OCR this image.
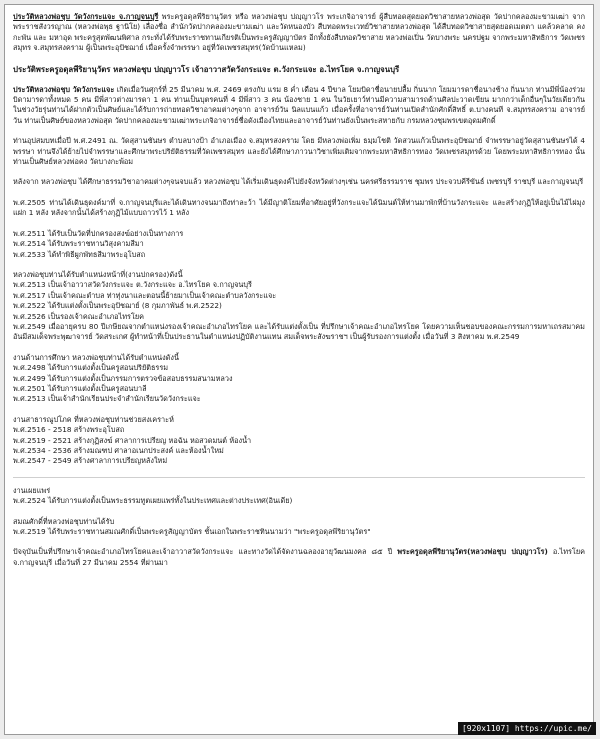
ประวัติหลวงพ่อชุบ วัดวังกระแจะ จ.กาญจนบุรี พระครูอดุลพีริยานุวัตร หรือ หลวงพ่อชุบ ปญฺญาวโร พระเกจิอาจารย์ ผู้สืบทอดสุดยอดวิชาสายหลวงพ่อสุด วัดปากคลองมะขามเฒ่า จากพระราชสังวรญาณ (หลวงพ่อพุธ ฐานิโย) เลื่องชื่อ สำนักวัดปากคลองมะขามเฒ่า และวัดหนองบัว สืบทอดพระเวทย์วิชาสายหลวงพ่อสุด ได้สืบทอดวิชาสายสุดยอดเมตตา แคล้วคลาด คงกะพัน และ มหาอุด พระครูสุตพัฒนพิศาล กระทั่งได้รับพระราชทานเกียรติเป็นพระครูสัญญาบัตร อีกทั้งยังสืบทอดวิชาสาย หลวงพ่อเปิ่น วัดบางพระ นครปฐม จากพระมหาสิทธิการ วัดเพชรสมุทร จ.สมุทรสงคราม ผู้เป็นพระอุปัชฌาย์ เมื่อครั้งจำพรรษา อยู่ที่วัดเพชรสมุทร(วัดบ้านแหลม)

ประวัติพระครูอดุลพีริยานุวัตร หลวงพ่อชุบ ปญฺญาวโร เจ้าอาวาสวัดวังกระแจะ ต.วังกระแจะ อ.ไทรโยค จ.กาญจนบุรี

ประวัติหลวงพ่อชุบ วัดวังกระแจะ เกิดเมื่อวันศุกร์ที่ 25 มีนาคม พ.ศ. 2469 ตรงกับ แรม 8 ค่ำ เดือน 4 ปีขาล โยมบิดาชื่อนายปลื้ม กิ่นนาก โยมมารดาชื่อนางช้าง กิ่นนาก ท่านมีพี่น้องร่วมบิดามารดาทั้งหมด 5 คน มีพี่สาวต่างมารดา 1 คน ท่านเป็นบุตรคนที่ 4 มีพี่สาว 3 คน น้องชาย 1 คน ในวัยเยาว์ท่านมีความสามารถด้านศิลปะวาดเขียน มากกว่าเด็กอื่นๆในวัยเดียวกัน ในช่วงวัยรุ่นท่านได้ฝากตัวเป็นศิษย์และได้รับการถ่ายทอดวิชาอาคมต่างๆจาก อาจารย์วัน นิลแบนแก้ว เมื่อครั้งที่อาจารย์วันท่านเปิดสำนักศักดิ์สิทธิ์ ต.บางคนที จ.สมุทรสงคราม อาจารย์วัน ท่านเป็นศิษย์ของหลวงพ่อสุด วัดปากคลองมะขามเฒ่าพระเกจิอาจารย์ชื่อดังเมืองไทยและอาจารย์วันท่านยังเป็นพระสหายกับ กรมหลวงชุมพรเขตอุดมศักดิ์

ท่านอุปสมบทเมื่อปี พ.ศ.2491 ณ. วัดสุสานชันษร ตำบลบางป้า อำเภอเมือง จ.สมุทรสงคราม โดย มีหลวงพ่อเพิ่ม ธมฺมโชติ วัดสวนแก้วเป็นพระอุปัชฌาย์ จำพรรษาอยู่วัดสุสานชันษรได้ 4 พรรษา ท่านจึงได้ย้ายไปจำพรรษาและศึกษาพระปริยัติธรรมที่วัดเพชรสมุทร และยังได้ศึกษาภาวนาวิชาเพิ่มเติมจากพระมหาสิทธิการทอง วัดเพชรสมุทรด้วย โดยพระมหาสิทธิการทอง นั้นท่านเป็นศิษย์หลวงพ่อคง วัดบางกะพ้อม

หลังจาก หลวงพ่อชุบ ได้ศึกษาธรรมวิชาอาคมต่างๆจนจบแล้ว หลวงพ่อชุบ ได้เริ่มเดินธุดงค์ไปยังจังหวัดต่างๆเช่น นครศรีธรรมราช ชุมพร ประจวบคีรีขันธ์ เพชรบุรี ราชบุรี และกาญจนบุรี

พ.ศ.2505 ท่านได้เดินธุดงค์มาที่ จ.กาญจนบุรีและได้เดินทางจนมาถึงท่าละว้า ได้มีญาติโยมที่อาศัยอยู่ที่วังกระแจะได้นิมนต์ให้ท่านมาพักที่บ้านวังกระแจะ และสร้างกุฏิให้อยู่เป็นไม้ไผ่มุงแฝก 1 หลัง หลังจากนั้นได้สร้างกุฏิไม้แบบถาวรไว้ 1 หลัง

พ.ศ.2511 ได้รับเป็นวัดที่ปกครองสงฆ์อย่างเป็นทางการ

พ.ศ.2514 ได้รับพระราชทานวิสุงคามสีมา

พ.ศ.2533 ได้ทำพิธีผูกพัทธสีมาพระอุโบสถ

หลวงพ่อชุบท่านได้รับตำแหน่งหน้าที่(งานปกครอง)ดังนี้

พ.ศ.2513 เป็นเจ้าอาวาสวัดวังกระแจะ ต.วังกระแจะ อ.ไทรโยค จ.กาญจนบุรี

พ.ศ.2517 เป็นเจ้าคณะตำบล ท่าทุ่งนาและตอนนี้ย้ายมาเป็นเจ้าคณะตำบลวังกระแจะ

พ.ศ.2522 ได้รับแต่งตั้งเป็นพระอุปัชฌาย์ (8 กุมภาพันธ์ พ.ศ.2522)

พ.ศ.2526 เป็นรองเจ้าคณะอำเภอไทรโยค

พ.ศ.2549 เมื่ออายุครบ 80 ปีเกษียณจากตำแหน่งรองเจ้าคณะอำเภอไทรโยค และได้รับแต่งตั้งเป็น ที่ปรึกษาเจ้าคณะอำเภอไทรโยค โดยความเห็นชอบของคณะกรรมการมหาเถรสมาคม อันมีสมเด็จพระพุฒาจารย์ วัดสระเกศ ผู้ทำหน้าที่เป็นประธานในตำแหน่งปฏิบัติงานแทน สมเด็จพระสังฆราชฯ เป็นผู้รับรองการแต่งตั้ง เมื่อวันที่ 3 สิงหาคม พ.ศ.2549

งานด้านการศึกษา หลวงพ่อชุบท่านได้รับตำแหน่งดังนี้

พ.ศ.2498 ได้รับการแต่งตั้งเป็นครูสอนปริยัติธรรม

พ.ศ.2499 ได้รับการแต่งตั้งเป็นกรรมการตรวจข้อสอบธรรมสนามหลวง

พ.ศ.2501 ได้รับการแต่งตั้งเป็นครูสอนบาลี

พ.ศ.2513 เป็นเจ้าสำนักเรียนประจำสำนักเรียนวัดวังกระแจะ

งานสาธารณูปโภค ที่หลวงพ่อชุบท่านช่วยสงเคราะห์

พ.ศ.2516 - 2518 สร้างพระอุโบสถ

พ.ศ.2519 - 2521 สร้างกุฏิสงฆ์ ศาลาการเปรียญ หอฉัน หอสวดมนต์ ห้องน้ำ

พ.ศ.2534 - 2536 สร้างมณฑป ศาลาอเนกประสงค์ และห้องน้ำใหม่

พ.ศ.2547 - 2549 สร้างศาลาการเปรียญหลังใหม่

งานเผยแพร่

พ.ศ.2524 ได้รับการแต่งตั้งเป็นพระธรรมทูตเผยแพร่ทั้งในประเทศและต่างประเทศ(อินเดีย)

สมณศักดิ์ที่หลวงพ่อชุบท่านได้รับ

พ.ศ.2519 ได้รับพระราชทานสมณศักดิ์เป็นพระครูสัญญาบัตร ชั้นเอกในพระราชทินนามว่า "พระครูอดุลพีริยานุวัตร"

ปัจจุบันเป็นที่ปรึกษาเจ้าคณะอำเภอไทรโยคและเจ้าอาวาสวัดวังกระแจะ และทางวัดได้จัดงานฉลองอายุวัฒนมงคล ๘๕ ปี พระครูอดุลพีริยานุวัตร(หลวงพ่อชุบ ปญฺญาวโร) อ.ไทรโยค จ.กาญจนบุรี เมื่อวันที่ 27 มีนาคม 2554 ที่ผ่านมา

[920x1107] https://upic.me/
